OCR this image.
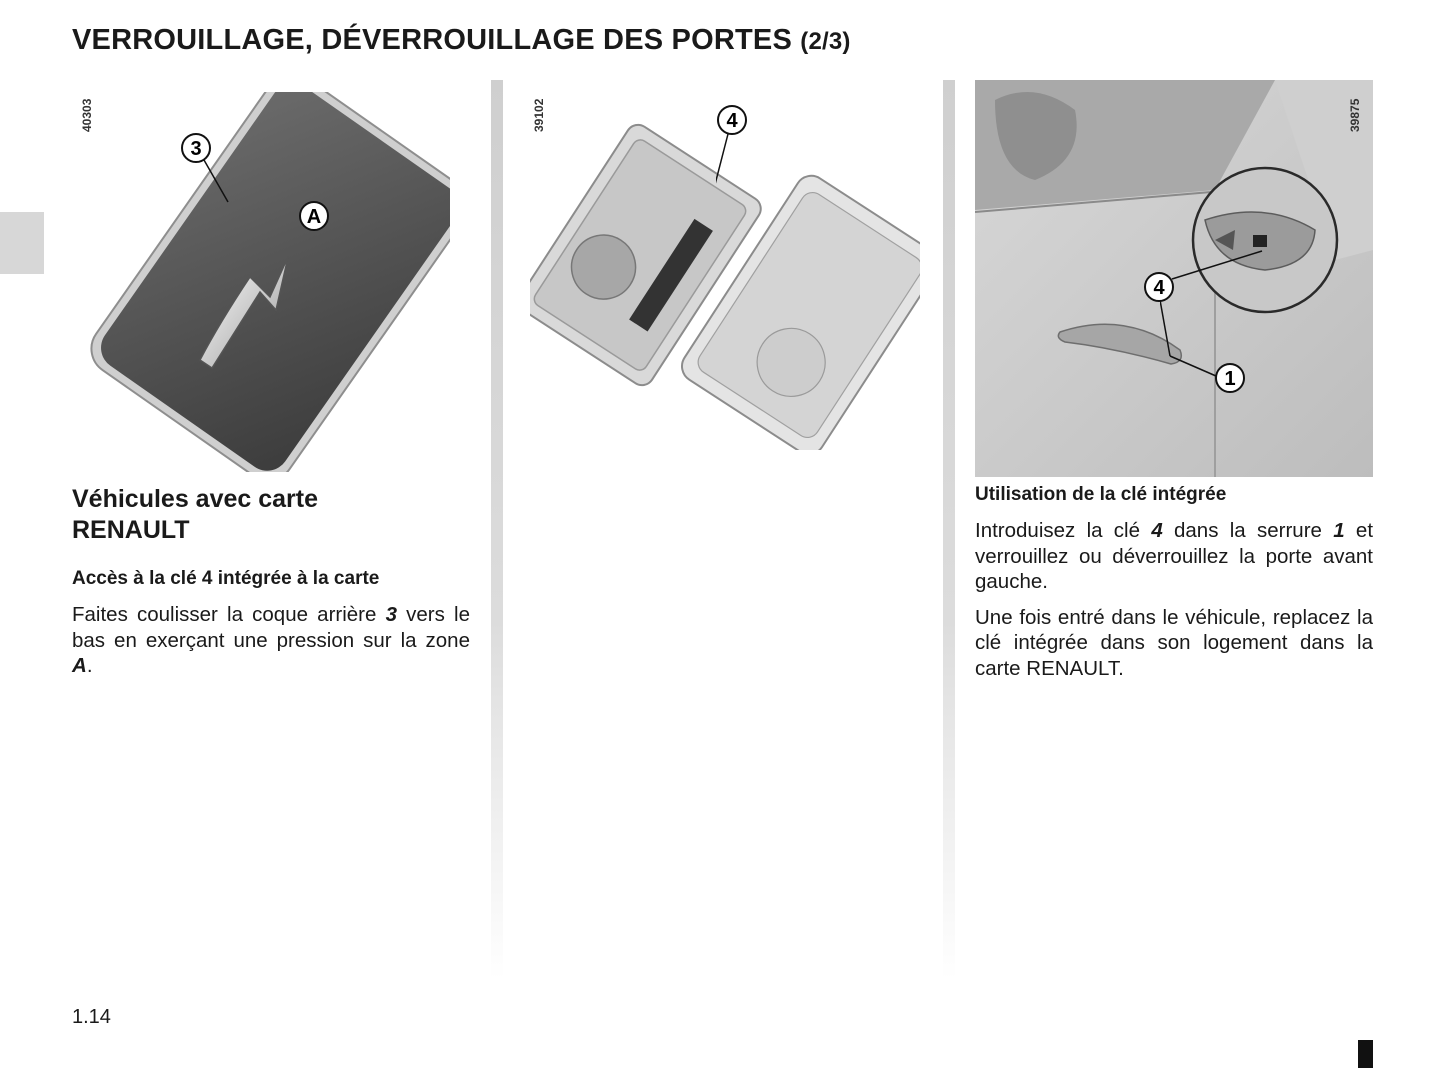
VERROUILLAGE, DÉVERROUILLAGE DES PORTES (2/3)
40303
3
A
39102	4	39875
4
1
Véhicules avec carte RENAULT
Accès à la clé 4 intégrée à la carte

Faites coulisser la coque arrière 3 vers le bas en exerçant une pression sur la zone A.

Utilisation de la clé intégrée

Introduisez la clé 4 dans la serrure 1 et verrouillez ou déverrouillez la porte avant gauche.

Une fois entré dans le véhicule, replacez la clé intégrée dans son logement dans la carte RENAULT.

1.14
